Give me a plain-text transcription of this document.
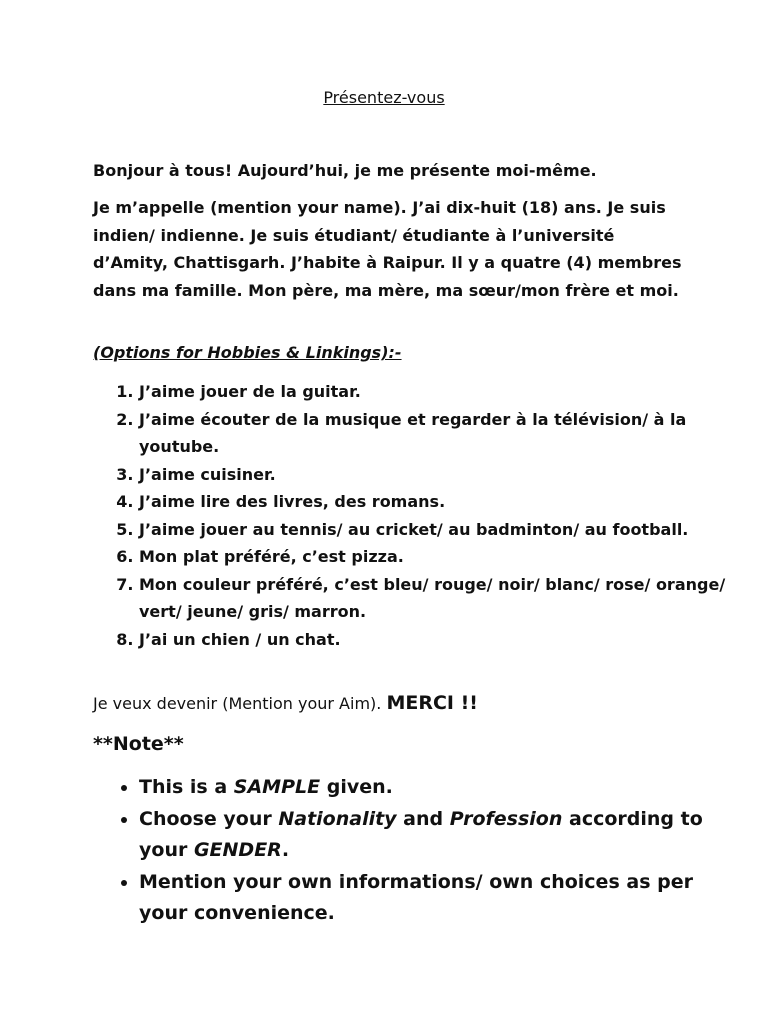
Présentez-vous
Bonjour à tous! Aujourd’hui, je me présente moi-même.
Je m’appelle (mention your name). J’ai dix-huit (18) ans. Je suis indien/ indienne. Je suis étudiant/ étudiante à l’université d’Amity, Chattisgarh. J’habite à Raipur. Il y a quatre (4) membres dans ma famille. Mon père, ma mère, ma sœur/mon frère et moi.
(Options for Hobbies & Linkings):-
1. J’aime jouer de la guitar.
2. J’aime écouter de la musique et regarder à la télévision/ à la youtube.
3. J’aime cuisiner.
4. J’aime lire des livres, des romans.
5. J’aime jouer au tennis/ au cricket/ au badminton/ au football.
6. Mon plat préféré, c’est pizza.
7. Mon couleur préféré, c’est bleu/ rouge/ noir/ blanc/ rose/ orange/ vert/ jeune/ gris/ marron.
8. J’ai un chien / un chat.
Je veux devenir (Mention your Aim). MERCI !!
**Note**
• This is a SAMPLE given.
• Choose your Nationality and Profession according to your GENDER.
• Mention your own informations/ own choices as per your convenience.
